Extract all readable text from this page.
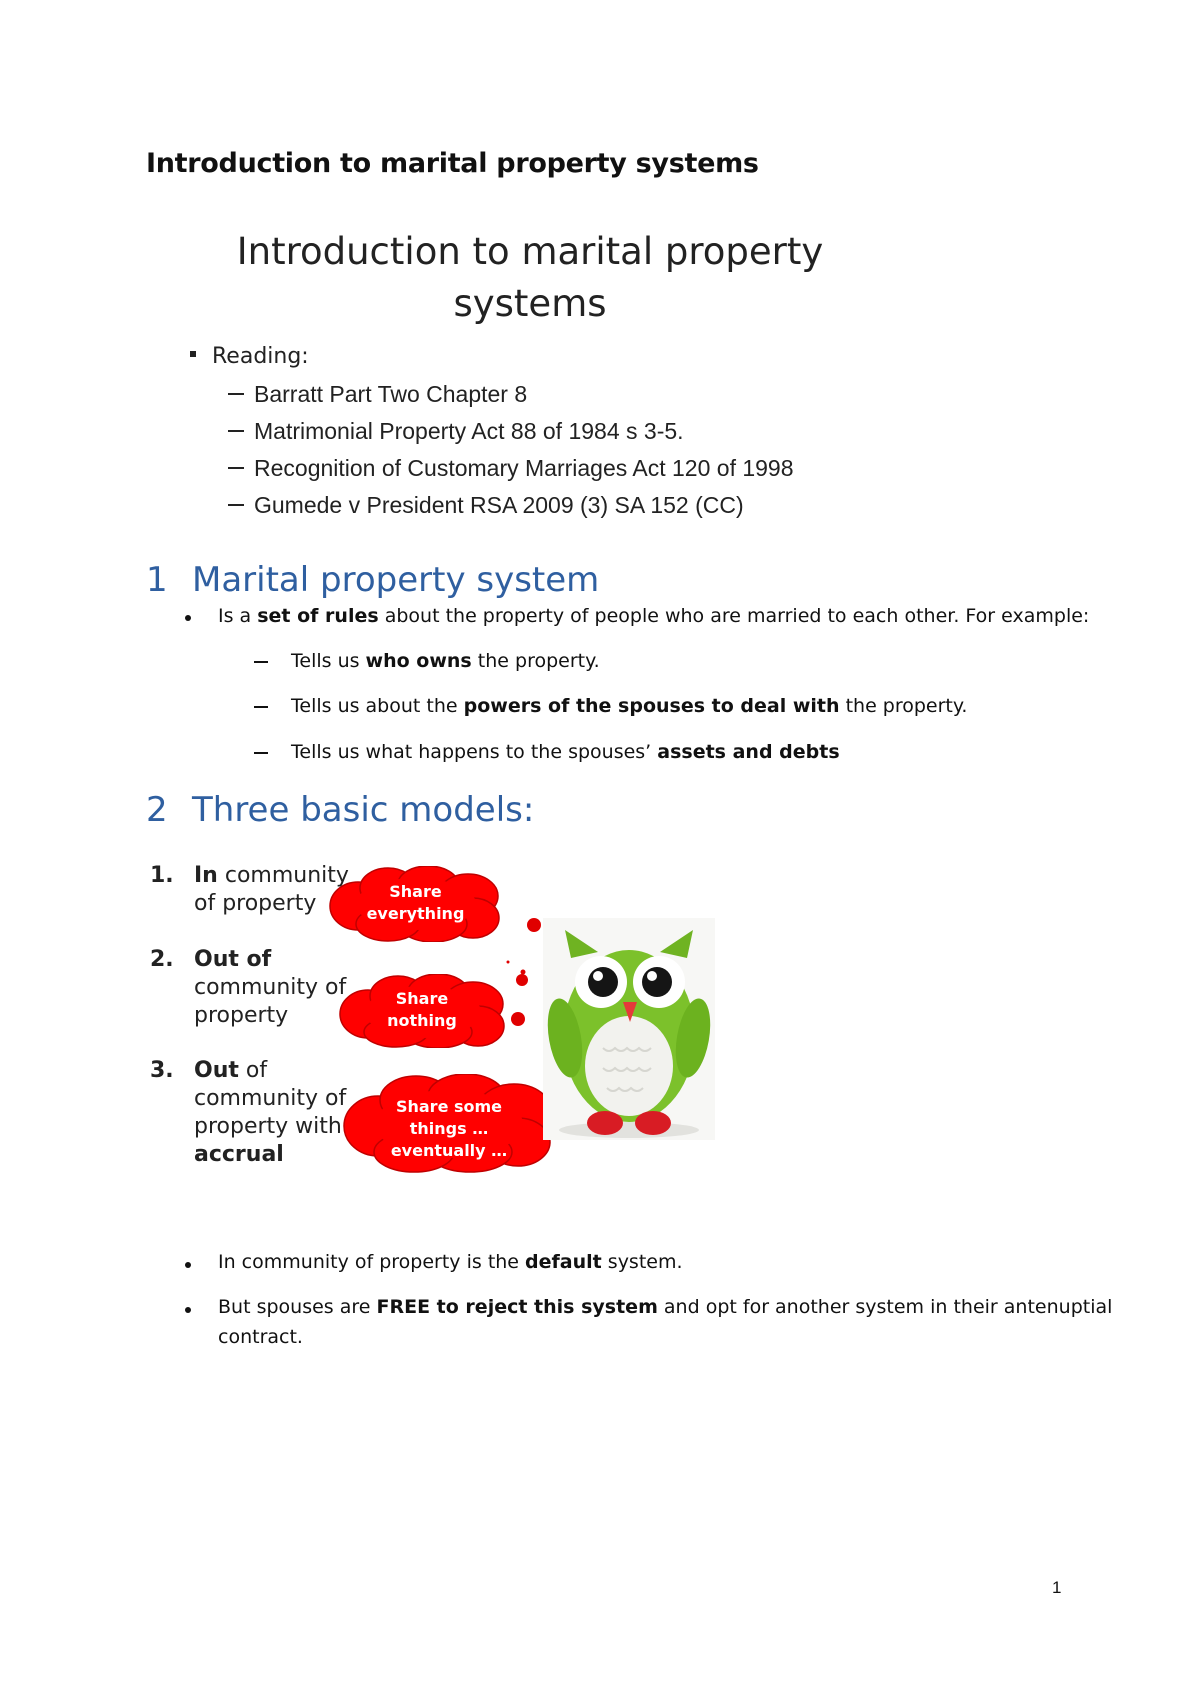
Introduction to marital property systems
Introduction to marital property
systems
Reading:
Barratt Part Two Chapter 8
Matrimonial Property Act 88 of 1984 s 3-5.
Recognition of Customary Marriages Act 120 of 1998
Gumede v President RSA 2009 (3) SA 152 (CC)
1 Marital property system
Is a set of rules about the property of people who are married to each other. For example:
Tells us who owns the property.
Tells us about the powers of the spouses to deal with the property.
Tells us what happens to the spouses’ assets and debts
2 Three basic models:
1. In community
of property
2. Out of
community of
property
3. Out of
community of
property with
accrual
Share
everything
Share
nothing
Share some
things …
eventually …
In community of property is the default system.
But spouses are FREE to reject this system and opt for another system in their antenuptial
contract.
1
